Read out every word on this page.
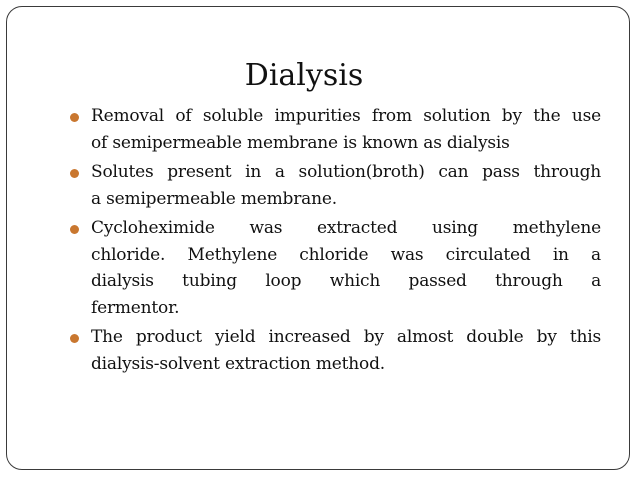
Dialysis
Removal of soluble impurities from solution by the use
of semipermeable membrane is known as dialysis
Solutes present in a solution(broth) can pass through
a semipermeable membrane.
Cycloheximide was extracted using methylene
chloride. Methylene chloride was circulated in a
dialysis tubing loop which passed through a
fermentor.
The product yield increased by almost double by this
dialysis-solvent extraction method.
